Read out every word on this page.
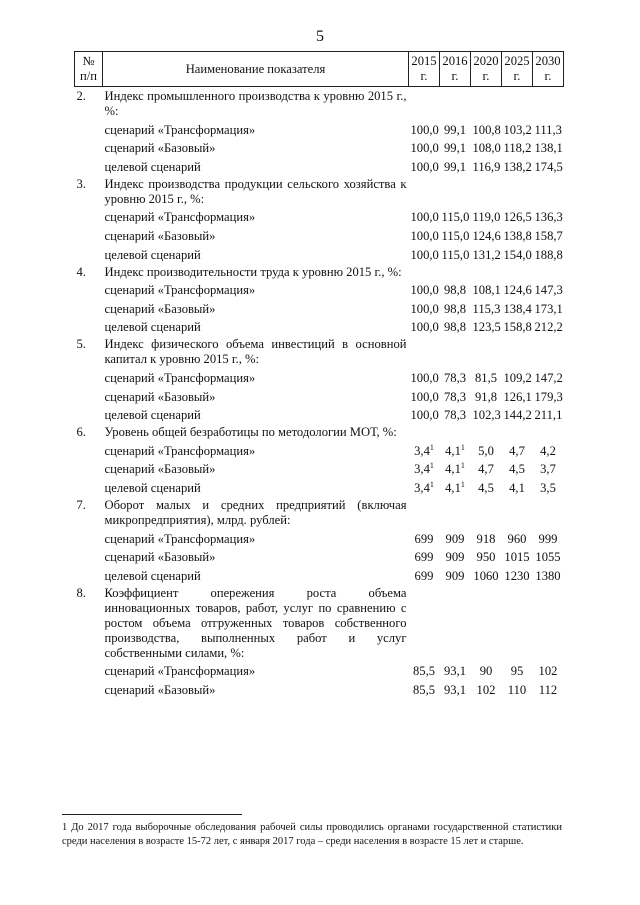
5
№ п/п	Наименование показателя	2015 г.	2016 г.	2020 г.	2025 г.	2030 г.
2.	Индекс промышленного производства к уровню 2015 г., %:					

	сценарий «Трансформация»	100,0	99,1	100,8	103,2	111,3
	сценарий «Базовый»	100,0	99,1	108,0	118,2	138,1
	целевой сценарий	100,0	99,1	116,9	138,2	174,5
3.	Индекс производства продукции сельского хозяйства к уровню 2015 г., %:					

	сценарий «Трансформация»	100,0	115,0	119,0	126,5	136,3
	сценарий «Базовый»	100,0	115,0	124,6	138,8	158,7
	целевой сценарий	100,0	115,0	131,2	154,0	188,8
4.	Индекс производительности труда к уровню 2015 г., %:					

	сценарий «Трансформация»	100,0	98,8	108,1	124,6	147,3
	сценарий «Базовый»	100,0	98,8	115,3	138,4	173,1
	целевой сценарий	100,0	98,8	123,5	158,8	212,2
5.	Индекс физического объема инвестиций в основной капитал к уровню 2015 г., %:					

	сценарий «Трансформация»	100,0	78,3	81,5	109,2	147,2
	сценарий «Базовый»	100,0	78,3	91,8	126,1	179,3
	целевой сценарий	100,0	78,3	102,3	144,2	211,1
6.	Уровень общей безработицы по методологии МОТ, %:					

	сценарий «Трансформация»	$3,4^1$	$4,1^1$	5,0	4,7	4,2
	сценарий «Базовый»	$3,4^1$	$4,1^1$	4,7	4,5	3,7
	целевой сценарий	$3,4^1$	$4,1^1$	4,5	4,1	3,5
7.	Оборот малых и средних предприятий (включая микропредприятия), млрд. рублей:					

	сценарий «Трансформация»	699	909	918	960	999
	сценарий «Базовый»	699	909	950	1015	1055
	целевой сценарий	699	909	1060	1230	1380
8.	Коэффициент опережения роста объема инновационных товаров, работ, услуг по сравнению с ростом объема отгруженных товаров собственного производства, выполненных работ и услуг собственными силами, %:					

	сценарий «Трансформация»	85,5	93,1	90	95	102
	сценарий «Базовый»	85,5	93,1	102	110	112
1 До 2017 года выборочные обследования рабочей силы проводились органами государственной статистики среди населения в возрасте 15-72 лет, с января 2017 года – среди населения в возрасте 15 лет и старше.
